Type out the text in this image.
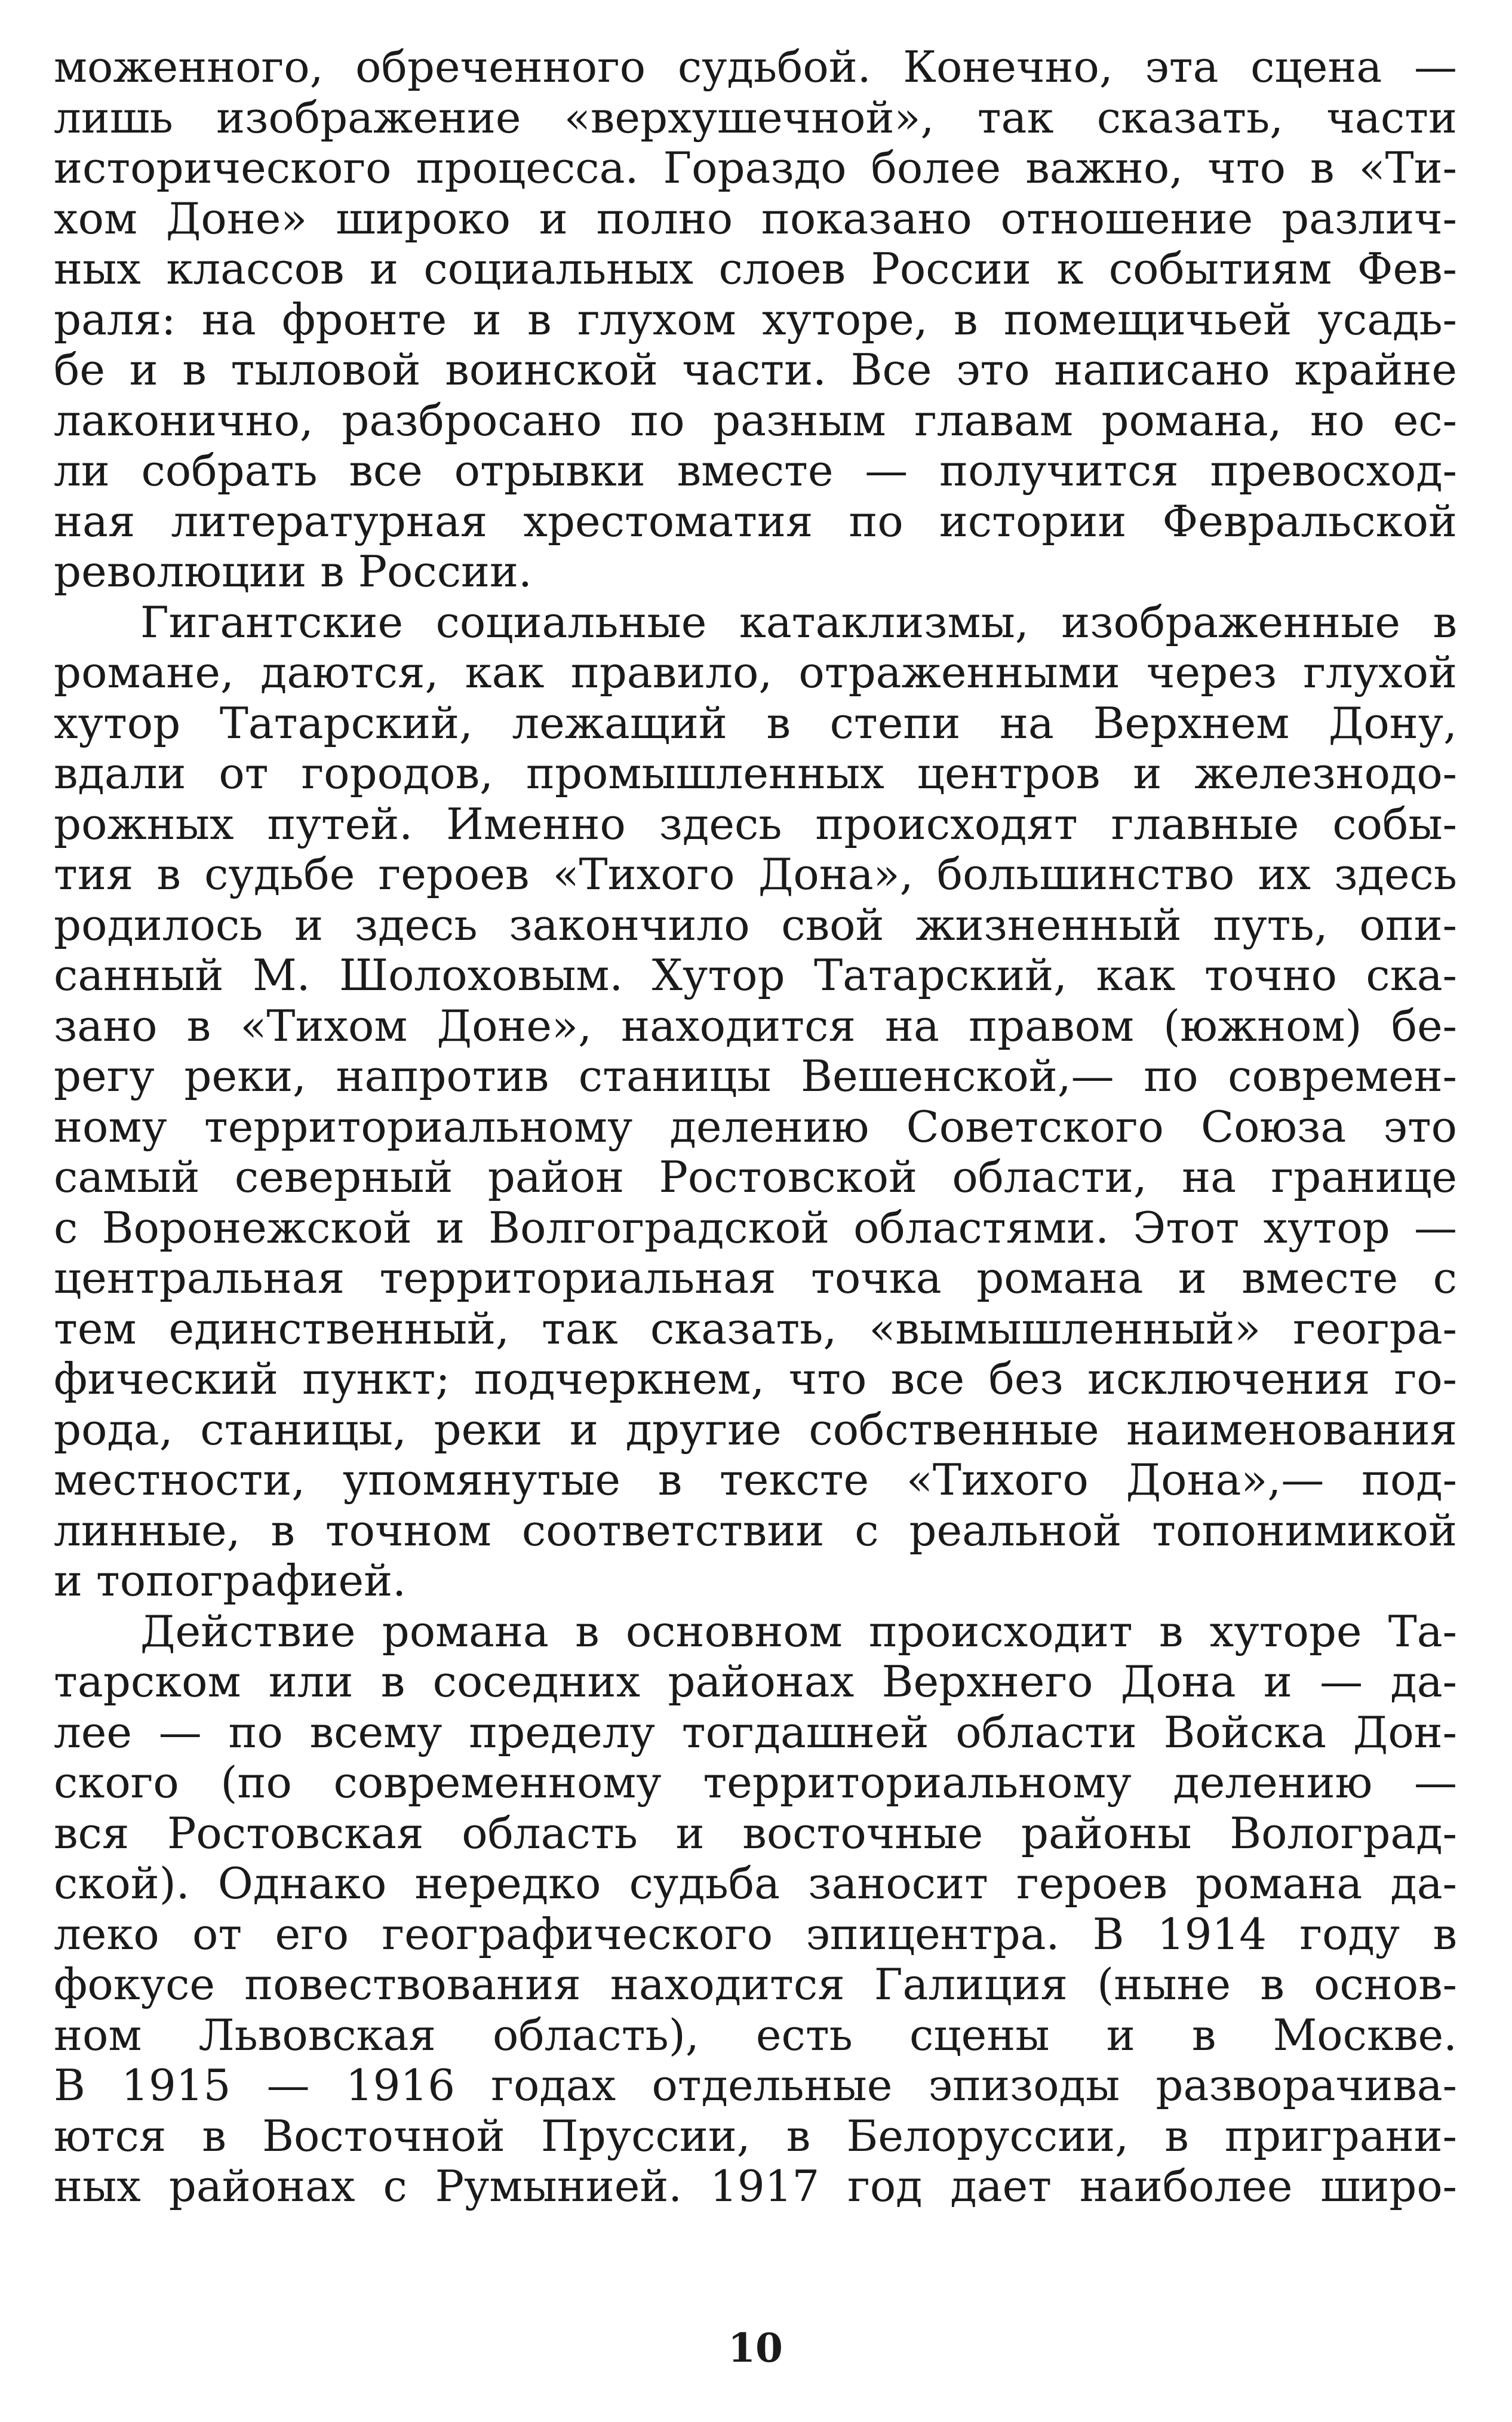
моженного, обреченного судьбой. Конечно, эта сцена —
лишь изображение «верхушечной», так сказать, части
исторического процесса. Гораздо более важно, что в «Ти-
хом Доне» широко и полно показано отношение различ-
ных классов и социальных слоев России к событиям Фев-
раля: на фронте и в глухом хуторе, в помещичьей усадь-
бе и в тыловой воинской части. Все это написано крайне
лаконично, разбросано по разным главам романа, но ес-
ли собрать все отрывки вместе — получится превосход-
ная литературная хрестоматия по истории Февральской
революции в России.
Гигантские социальные катаклизмы, изображенные в
романе, даются, как правило, отраженными через глухой
хутор Татарский, лежащий в степи на Верхнем Дону,
вдали от городов, промышленных центров и железнодо-
рожных путей. Именно здесь происходят главные собы-
тия в судьбе героев «Тихого Дона», большинство их здесь
родилось и здесь закончило свой жизненный путь, опи-
санный М. Шолоховым. Хутор Татарский, как точно ска-
зано в «Тихом Доне», находится на правом (южном) бе-
регу реки, напротив станицы Вешенской,— по современ-
ному территориальному делению Советского Союза это
самый северный район Ростовской области, на границе
с Воронежской и Волгоградской областями. Этот хутор —
центральная территориальная точка романа и вместе с
тем единственный, так сказать, «вымышленный» геогра-
фический пункт; подчеркнем, что все без исключения го-
рода, станицы, реки и другие собственные наименования
местности, упомянутые в тексте «Тихого Дона»,— под-
линные, в точном соответствии с реальной топонимикой
и топографией.
Действие романа в основном происходит в хуторе Та-
тарском или в соседних районах Верхнего Дона и — да-
лее — по всему пределу тогдашней области Войска Дон-
ского (по современному территориальному делению —
вся Ростовская область и восточные районы Волоград-
ской). Однако нередко судьба заносит героев романа да-
леко от его географического эпицентра. В 1914 году в
фокусе повествования находится Галиция (ныне в основ-
ном Львовская область), есть сцены и в Москве.
В 1915 — 1916 годах отдельные эпизоды разворачива-
ются в Восточной Пруссии, в Белоруссии, в приграни-
ных районах с Румынией. 1917 год дает наиболее широ-
10
